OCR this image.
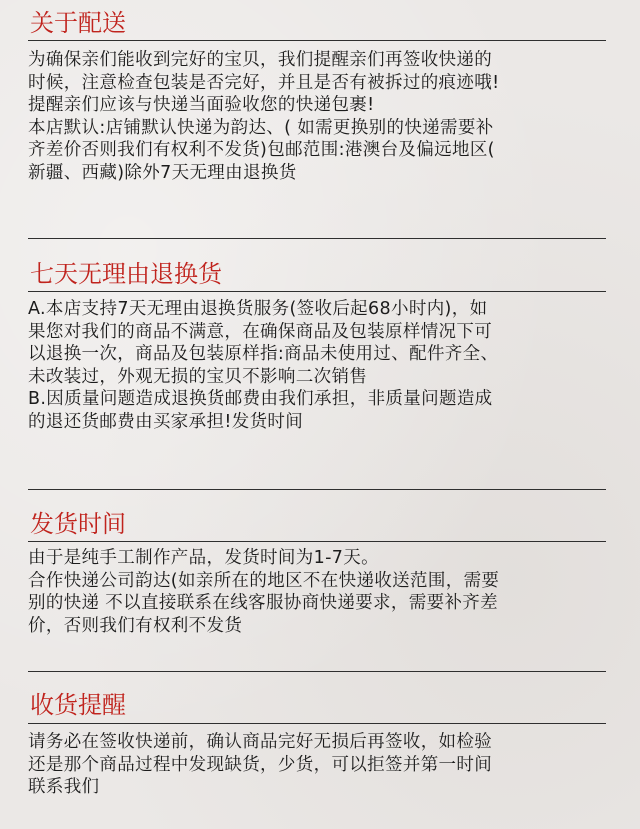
关于配送
为确保亲们能收到完好的宝贝，我们提醒亲们再签收快递的
时候，注意检查包装是否完好，并且是否有被拆过的痕迹哦!
提醒亲们应该与快递当面验收您的快递包裹!
本店默认:店铺默认快递为韵达、( 如需更换别的快递需要补
齐差价否则我们有权利不发货)包邮范围:港澳台及偏远地区(
新疆、西藏)除外7天无理由退换货
七天无理由退换货
A.本店支持7天无理由退换货服务(签收后起68小时内)，如
果您对我们的商品不满意，在确保商品及包装原样情况下可
以退换一次，商品及包装原样指:商品未使用过、配件齐全、
未改装过，外观无损的宝贝不影响二次销售
B.因质量问题造成退换货邮费由我们承担，非质量问题造成
的退还货邮费由买家承担!发货时间
发货时间
由于是纯手工制作产品，发货时间为1-7天。
合作快递公司韵达(如亲所在的地区不在快递收送范围，需要
别的快递 不以直接联系在线客服协商快递要求，需要补齐差
价，否则我们有权利不发货
收货提醒
请务必在签收快递前，确认商品完好无损后再签收，如检验
还是那个商品过程中发现缺货，少货，可以拒签并第一时间
联系我们
